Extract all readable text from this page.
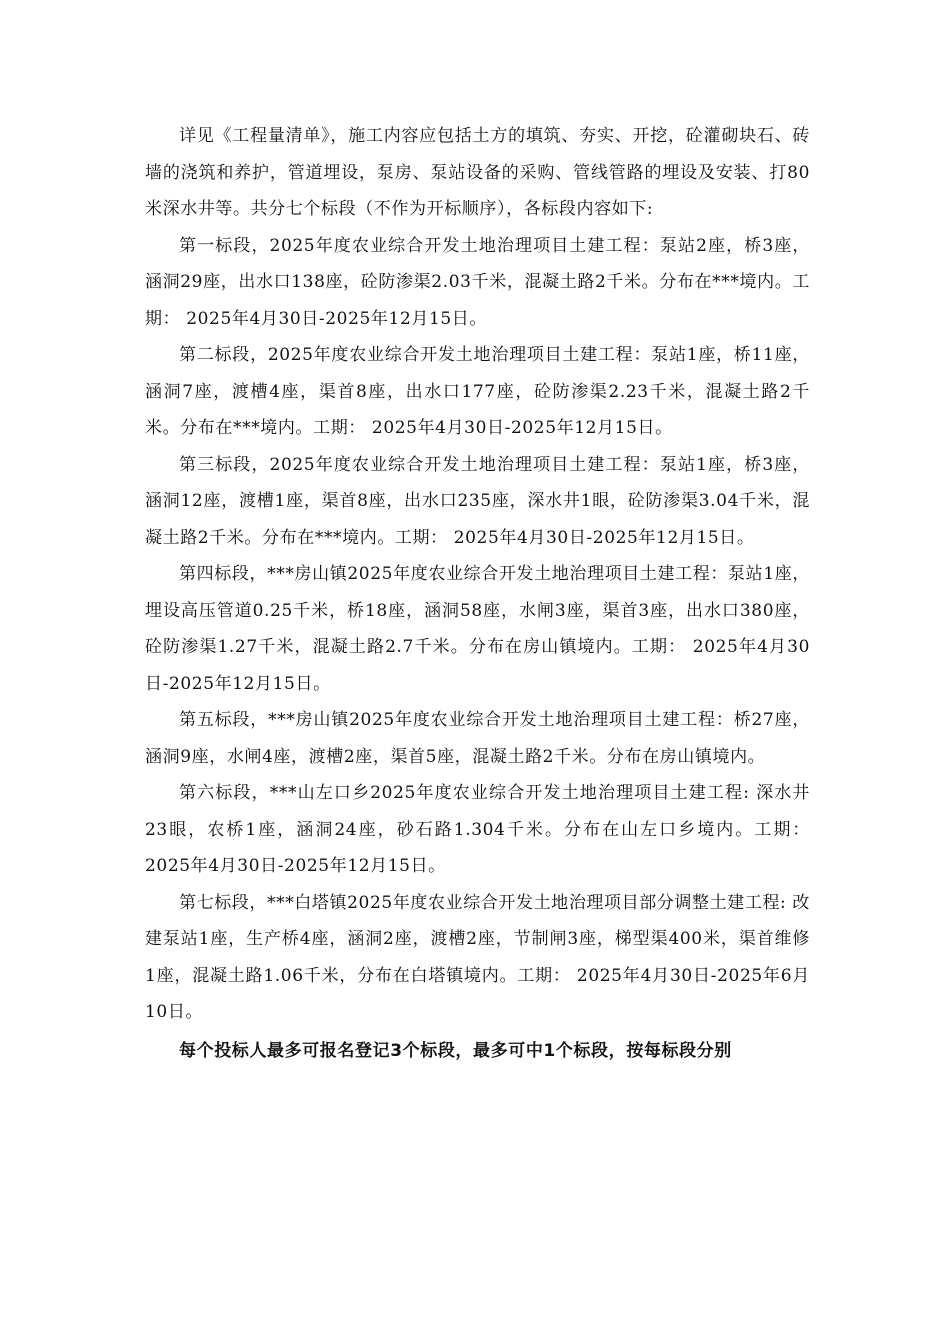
详见《工程量清单》，施工内容应包括土方的填筑、夯实、开挖，砼灌砌块石、砖墙的浇筑和养护，管道埋设，泵房、泵站设备的采购、管线管路的埋设及安装、打80米深水井等。共分七个标段（不作为开标顺序），各标段内容如下:

第一标段，2025年度农业综合开发土地治理项目土建工程：泵站2座，桥3座，涵洞29座，出水口138座，砼防渗渠2.03千米，混凝土路2千米。分布在***境内。工期： 2025年4月30日-2025年12月15日。

第二标段，2025年度农业综合开发土地治理项目土建工程：泵站1座，桥11座，涵洞7座，渡槽4座，渠首8座，出水口177座，砼防渗渠2.23千米，混凝土路2千米。分布在***境内。工期： 2025年4月30日-2025年12月15日。

第三标段，2025年度农业综合开发土地治理项目土建工程：泵站1座，桥3座，涵洞12座，渡槽1座，渠首8座，出水口235座，深水井1眼，砼防渗渠3.04千米，混凝土路2千米。分布在***境内。工期： 2025年4月30日-2025年12月15日。

第四标段，***房山镇2025年度农业综合开发土地治理项目土建工程：泵站1座，埋设高压管道0.25千米，桥18座，涵洞58座，水闸3座，渠首3座，出水口380座，砼防渗渠1.27千米，混凝土路2.7千米。分布在房山镇境内。工期： 2025年4月30日-2025年12月15日。

第五标段，***房山镇2025年度农业综合开发土地治理项目土建工程：桥27座，涵洞9座，水闸4座，渡槽2座，渠首5座，混凝土路2千米。分布在房山镇境内。

第六标段，***山左口乡2025年度农业综合开发土地治理项目土建工程: 深水井23眼，农桥1座，涵洞24座，砂石路1.304千米。分布在山左口乡境内。工期： 2025年4月30日-2025年12月15日。

第七标段，***白塔镇2025年度农业综合开发土地治理项目部分调整土建工程: 改建泵站1座，生产桥4座，涵洞2座，渡槽2座，节制闸3座，梯型渠400米，渠首维修1座，混凝土路1.06千米，分布在白塔镇境内。工期： 2025年4月30日-2025年6月10日。

每个投标人最多可报名登记3个标段，最多可中1个标段，按每标段分别
